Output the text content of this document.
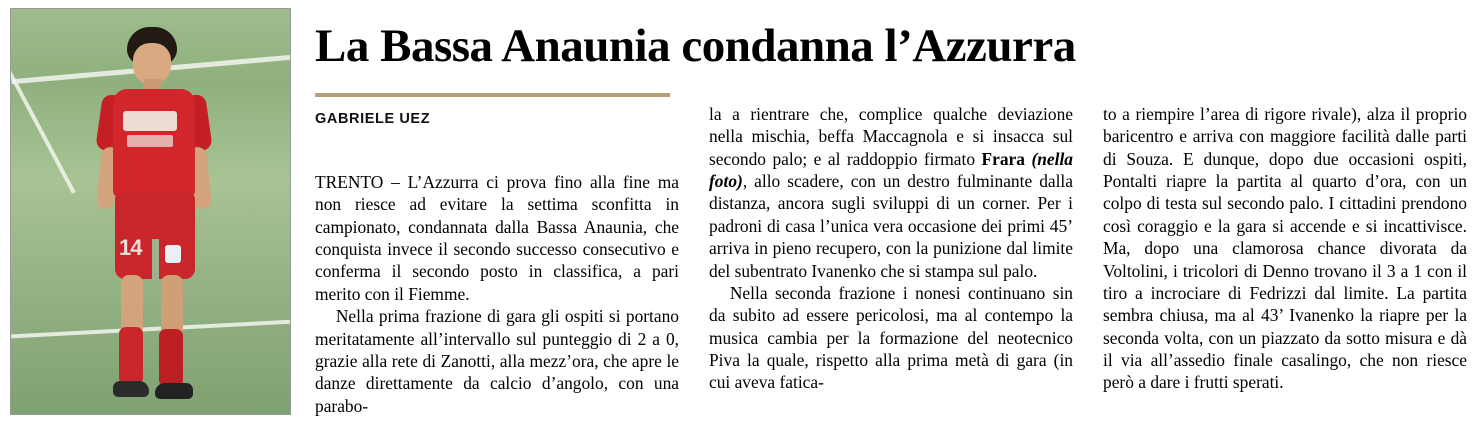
14
La Bassa Anaunia condanna l’Azzurra
GABRIELE UEZ

TRENTO – L’Azzurra ci prova fino alla fine ma non riesce ad evitare la settima sconfitta in campionato, condannata dalla Bassa Anaunia, che conquista invece il secondo successo consecutivo e conferma il secondo posto in classifica, a pari merito con il Fiemme.

Nella prima frazione di gara gli ospiti si portano meritatamente all’intervallo sul punteggio di 2 a 0, grazie alla rete di Zanotti, alla mezz’ora, che apre le danze direttamente da calcio d’angolo, con una parabo-

la a rientrare che, complice qualche deviazione nella mischia, beffa Maccagnola e si insacca sul secondo palo; e al raddoppio firmato Frara (nella foto), allo scadere, con un destro fulminante dalla distanza, ancora sugli sviluppi di un corner. Per i padroni di casa l’unica vera occasione dei primi 45’ arriva in pieno recupero, con la punizione dal limite del subentrato Ivanenko che si stampa sul palo.

Nella seconda frazione i nonesi continuano sin da subito ad essere pericolosi, ma al contempo la musica cambia per la formazione del neotecnico Piva la quale, rispetto alla prima metà di gara (in cui aveva fatica-

to a riempire l’area di rigore rivale), alza il proprio baricentro e arriva con maggiore facilità dalle parti di Souza. E dunque, dopo due occasioni ospiti, Pontalti riapre la partita al quarto d’ora, con un colpo di testa sul secondo palo. I cittadini prendono così coraggio e la gara si accende e si incattivisce. Ma, dopo una clamorosa chance divorata da Voltolini, i tricolori di Denno trovano il 3 a 1 con il tiro a incrociare di Fedrizzi dal limite. La partita sembra chiusa, ma al 43’ Ivanenko la riapre per la seconda volta, con un piazzato da sotto misura e dà il via all’assedio finale casalingo, che non riesce però a dare i frutti sperati.
